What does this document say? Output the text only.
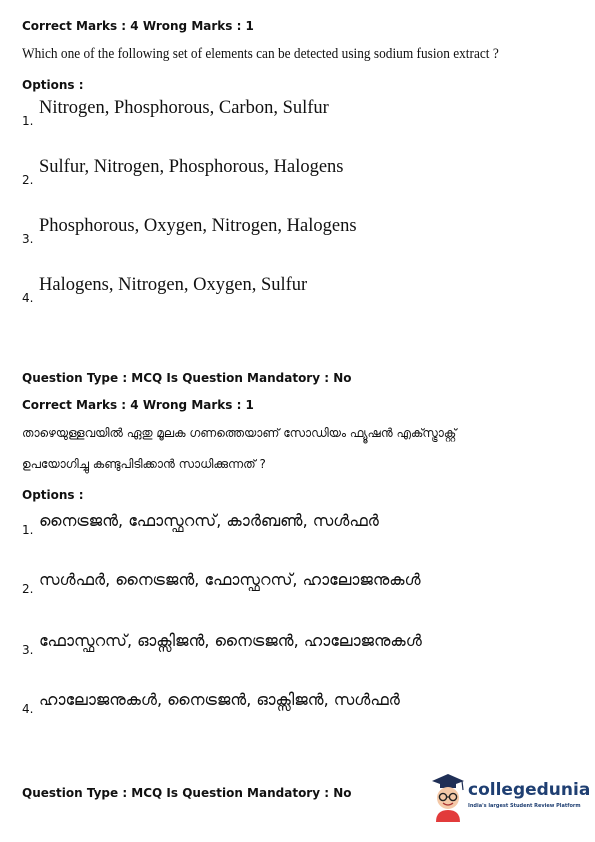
Correct Marks : 4 Wrong Marks : 1
Which one of the following set of elements can be detected using sodium fusion extract ?
Options :
1.
Nitrogen, Phosphorous, Carbon, Sulfur
2.
Sulfur, Nitrogen, Phosphorous, Halogens
3.
Phosphorous, Oxygen, Nitrogen, Halogens
4.
Halogens, Nitrogen, Oxygen, Sulfur
Question Type : MCQ Is Question Mandatory : No
Correct Marks : 4 Wrong Marks : 1
താഴെയുള്ളവയിൽ ഏതു മൂലക ഗണത്തെയാണ് സോഡിയം ഫ്യൂഷൻ എക്സ്ട്രാക്റ്റ്
ഉപയോഗിച്ചു കണ്ടുപിടിക്കാൻ സാധിക്കുന്നത് ?
Options :
1. നൈട്രജൻ, ഫോസ്ഫറസ്, കാർബൺ, സൾഫർ
2. സൾഫർ, നൈട്രജൻ, ഫോസ്ഫറസ്, ഹാലോജനുകൾ
3. ഫോസ്ഫറസ്, ഓക്സിജൻ, നൈട്രജൻ, ഹാലോജനുകൾ
4. ഹാലോജനുകൾ, നൈട്രജൻ, ഓക്സിജൻ, സൾഫർ
Question Type : MCQ Is Question Mandatory : No	collegedunia
India's largest Student Review Platform
